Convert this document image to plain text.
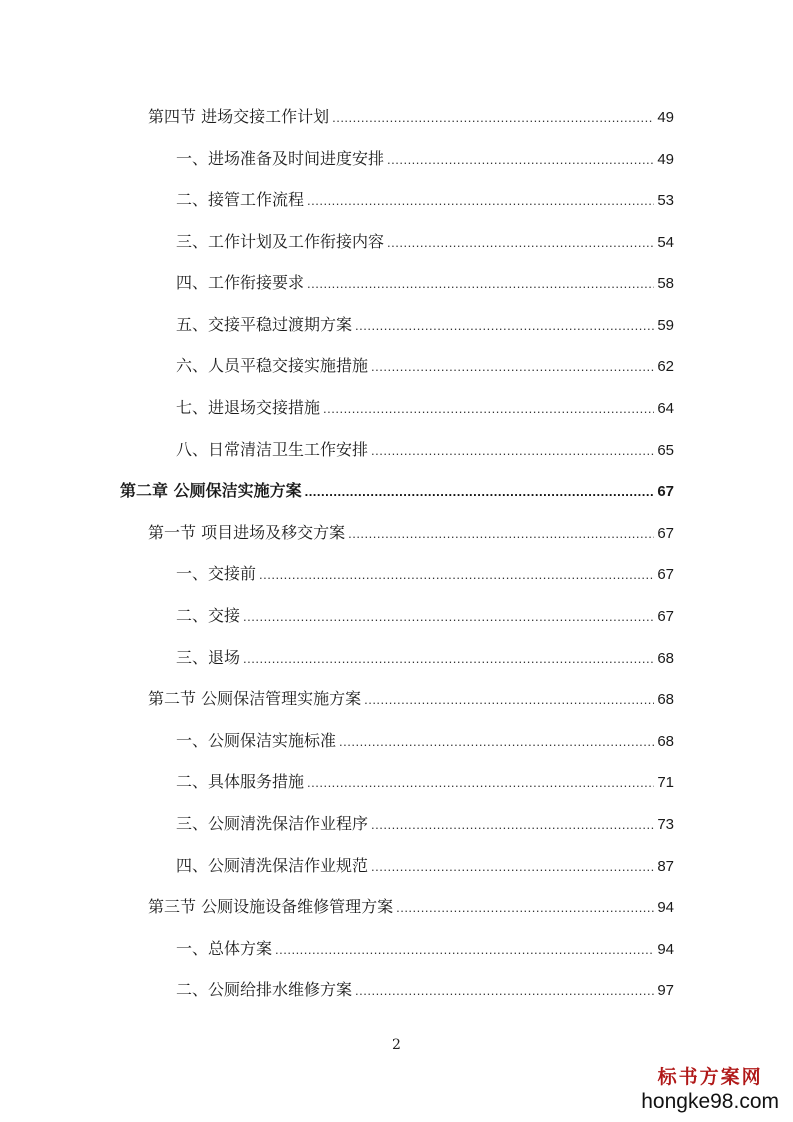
第四节 进场交接工作计划 .....	49
一、进场准备及时间进度安排 .....	49
二、接管工作流程 .....	53
三、工作计划及工作衔接内容 .....	54
四、工作衔接要求 .....	58
五、交接平稳过渡期方案 .....	59
六、人员平稳交接实施措施 .....	62
七、进退场交接措施 .....	64
八、日常清洁卫生工作安排 .....	65
第二章 公厕保洁实施方案 .....	67
第一节 项目进场及移交方案 .....	67
一、交接前 .....	67
二、交接 .....	67
三、退场 .....	68
第二节 公厕保洁管理实施方案 .....	68
一、公厕保洁实施标准 .....	68
二、具体服务措施 .....	71
三、公厕清洗保洁作业程序 .....	73
四、公厕清洗保洁作业规范 .....	87
第三节 公厕设施设备维修管理方案 .....	94
一、总体方案 .....	94
二、公厕给排水维修方案 .....	97
2
标书方案网
hongke98.com
